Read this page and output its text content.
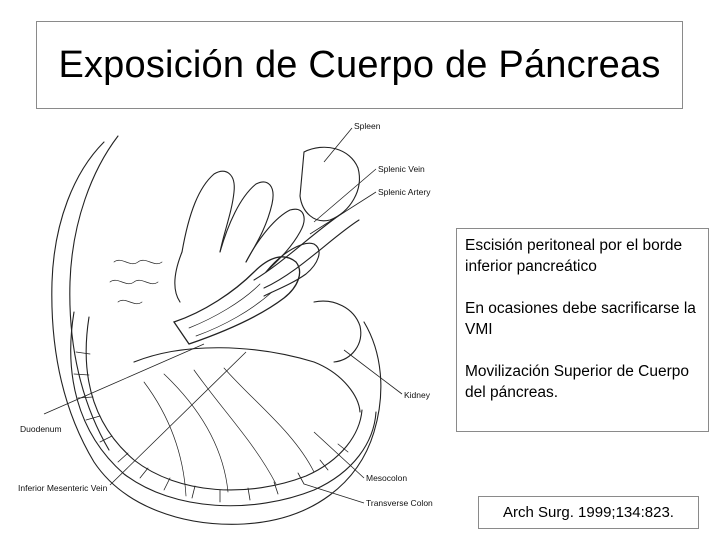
Exposición de Cuerpo de Páncreas
Spleen
Splenic Vein
Splenic Artery
Kidney
Duodenum
Mesocolon
Inferior Mesenteric Vein
Transverse Colon

Escisión peritoneal por el borde inferior pancreático

En ocasiones debe sacrificarse la VMI

Movilización Superior de Cuerpo del páncreas.

Arch Surg. 1999;134:823.
